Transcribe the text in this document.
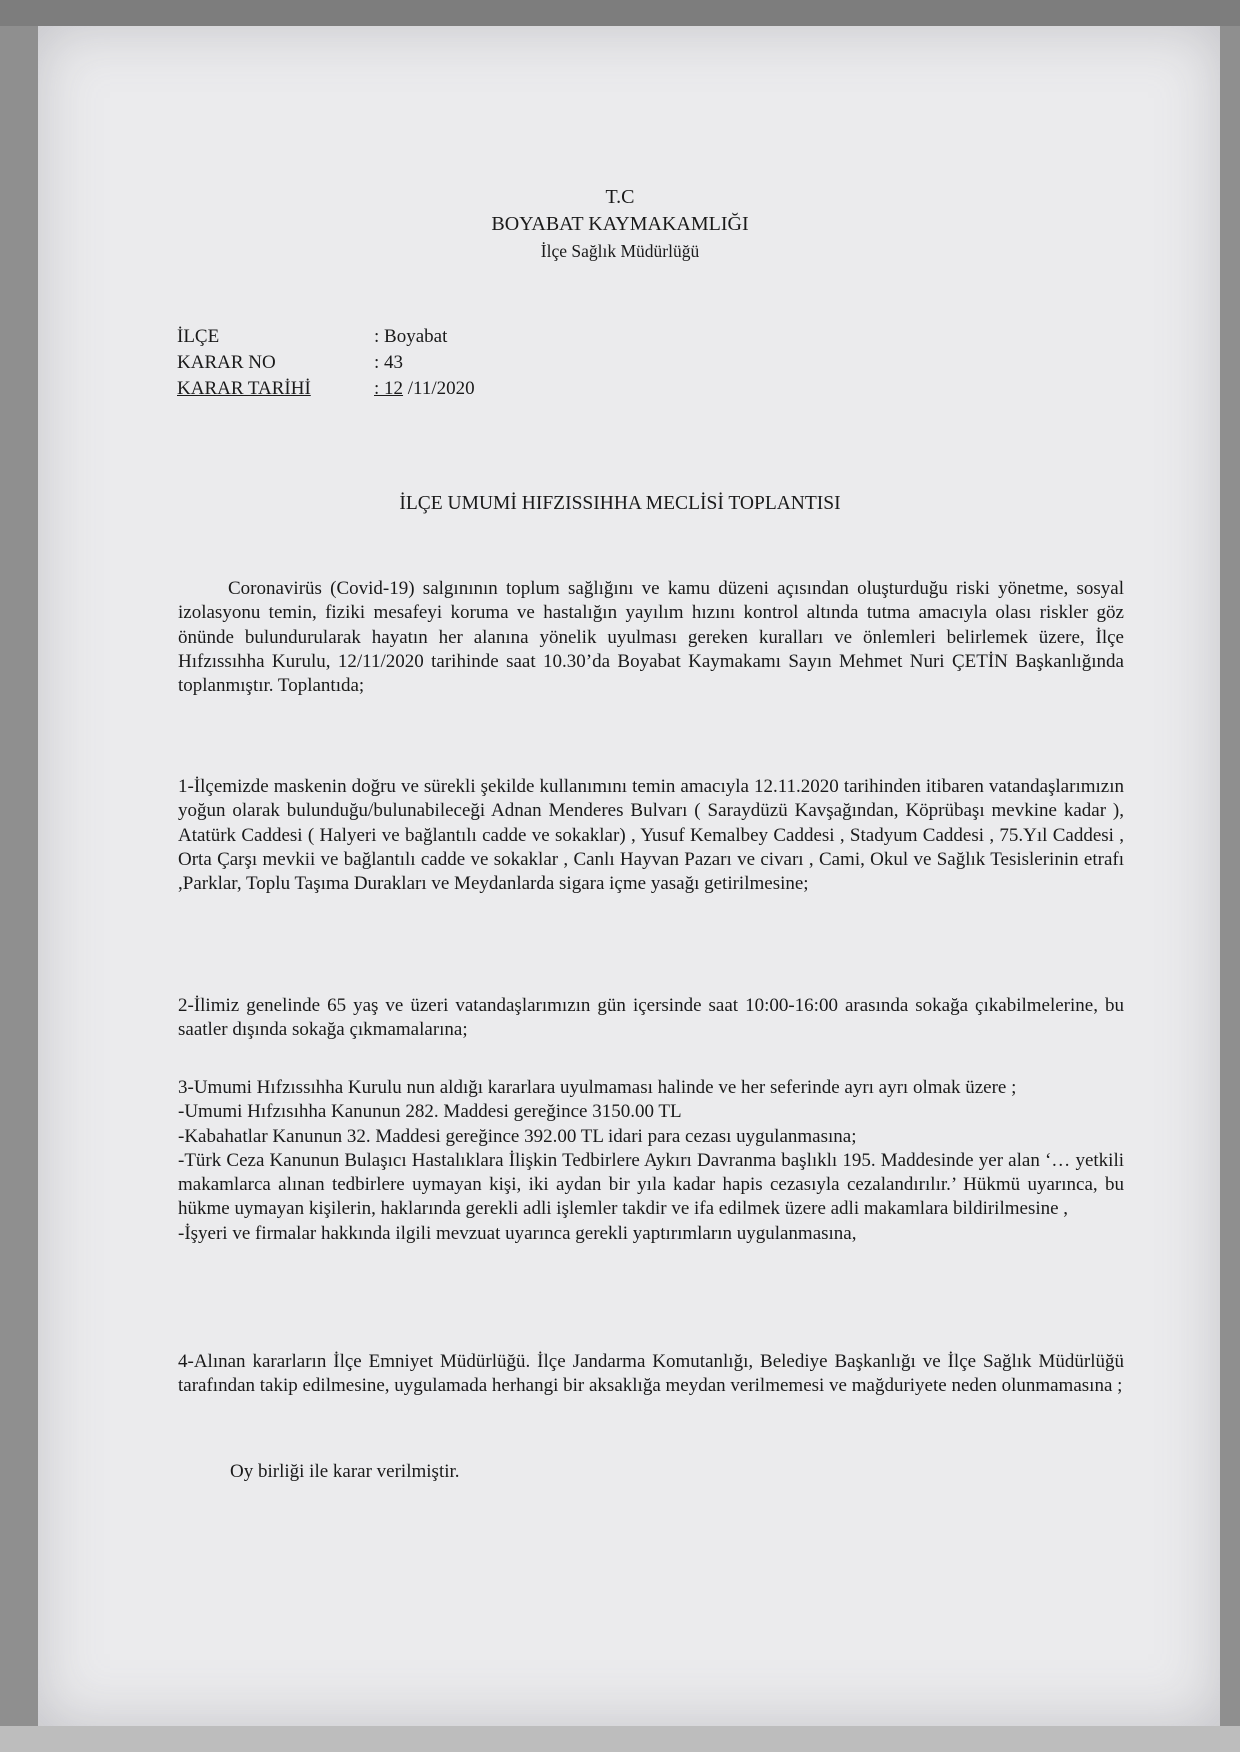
T.C
BOYABAT KAYMAKAMLIĞI
İlçe Sağlık Müdürlüğü
İLÇE	: Boyabat
KARAR NO	: 43
KARAR TARİHİ	: 12 /11/2020
İLÇE UMUMİ HIFZISSIHHA MECLİSİ TOPLANTISI
Coronavirüs (Covid-19) salgınının toplum sağlığını ve kamu düzeni açısından oluşturduğu riski yönetme, sosyal izolasyonu temin, fiziki mesafeyi koruma ve hastalığın yayılım hızını kontrol altında tutma amacıyla olası riskler göz önünde bulundurularak hayatın her alanına yönelik uyulması gereken kuralları ve önlemleri belirlemek üzere, İlçe Hıfzıssıhha Kurulu, 12/11/2020 tarihinde saat 10.30’da Boyabat Kaymakamı Sayın Mehmet Nuri ÇETİN Başkanlığında toplanmıştır. Toplantıda;
1-İlçemizde maskenin doğru ve sürekli şekilde kullanımını temin amacıyla 12.11.2020 tarihinden itibaren vatandaşlarımızın yoğun olarak bulunduğu/bulunabileceği Adnan Menderes Bulvarı ( Saraydüzü Kavşağından, Köprübaşı mevkine kadar ), Atatürk Caddesi ( Halyeri ve bağlantılı cadde ve sokaklar) , Yusuf Kemalbey Caddesi , Stadyum Caddesi , 75.Yıl Caddesi , Orta Çarşı mevkii ve bağlantılı cadde ve sokaklar , Canlı Hayvan Pazarı ve civarı , Cami, Okul ve Sağlık Tesislerinin etrafı ,Parklar, Toplu Taşıma Durakları ve Meydanlarda sigara içme yasağı getirilmesine;
2-İlimiz genelinde 65 yaş ve üzeri vatandaşlarımızın gün içersinde saat 10:00-16:00 arasında sokağa çıkabilmelerine, bu saatler dışında sokağa çıkmamalarına;
3-Umumi Hıfzıssıhha Kurulu nun aldığı kararlara uyulmaması halinde ve her seferinde ayrı ayrı olmak üzere ;
-Umumi Hıfzısıhha Kanunun 282. Maddesi gereğince 3150.00 TL
-Kabahatlar Kanunun 32. Maddesi gereğince 392.00 TL idari para cezası uygulanmasına;
-Türk Ceza Kanunun Bulaşıcı Hastalıklara İlişkin Tedbirlere Aykırı Davranma başlıklı 195. Maddesinde yer alan ‘… yetkili makamlarca alınan tedbirlere uymayan kişi, iki aydan bir yıla kadar hapis cezasıyla cezalandırılır.’ Hükmü uyarınca, bu hükme uymayan kişilerin, haklarında gerekli adli işlemler takdir ve ifa edilmek üzere adli makamlara bildirilmesine ,
-İşyeri ve firmalar hakkında ilgili mevzuat uyarınca gerekli yaptırımların uygulanmasına,
4-Alınan kararların İlçe Emniyet Müdürlüğü. İlçe Jandarma Komutanlığı, Belediye Başkanlığı ve İlçe Sağlık Müdürlüğü tarafından takip edilmesine, uygulamada herhangi bir aksaklığa meydan verilmemesi ve mağduriyete neden olunmamasına ;
Oy birliği ile karar verilmiştir.
